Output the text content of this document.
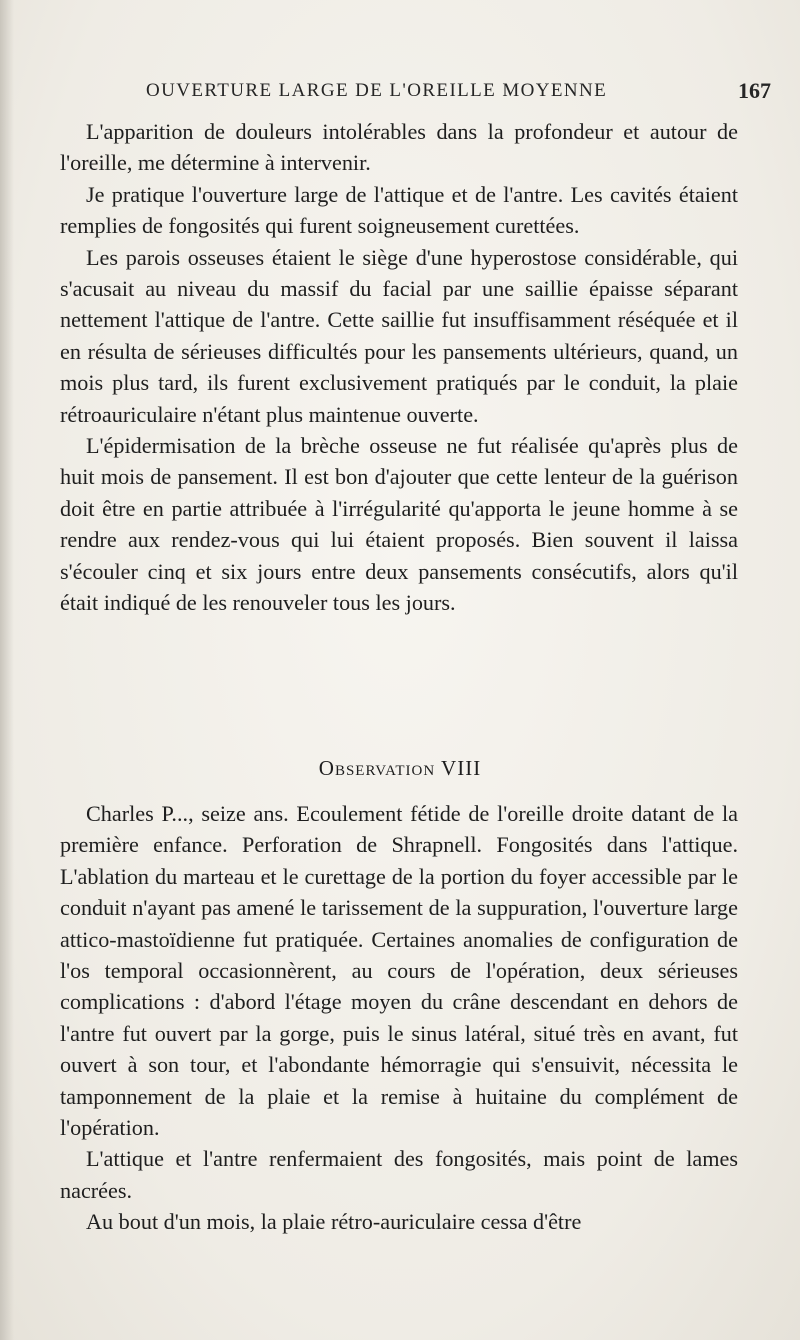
OUVERTURE LARGE DE L'OREILLE MOYENNE	167

L'apparition de douleurs intolérables dans la profondeur et autour de l'oreille, me détermine à intervenir.

Je pratique l'ouverture large de l'attique et de l'antre. Les cavités étaient remplies de fongosités qui furent soigneusement curettées.

Les parois osseuses étaient le siège d'une hyperostose considérable, qui s'acusait au niveau du massif du facial par une saillie épaisse séparant nettement l'attique de l'antre. Cette saillie fut insuffisamment réséquée et il en résulta de sérieuses difficultés pour les pansements ultérieurs, quand, un mois plus tard, ils furent exclusivement pratiqués par le conduit, la plaie rétroauriculaire n'étant plus maintenue ouverte.

L'épidermisation de la brèche osseuse ne fut réalisée qu'après plus de huit mois de pansement. Il est bon d'ajouter que cette lenteur de la guérison doit être en partie attribuée à l'irrégularité qu'apporta le jeune homme à se rendre aux rendez-vous qui lui étaient proposés. Bien souvent il laissa s'écouler cinq et six jours entre deux pansements consécutifs, alors qu'il était indiqué de les renouveler tous les jours.

Observation VIII

Charles P..., seize ans. Ecoulement fétide de l'oreille droite datant de la première enfance. Perforation de Shrapnell. Fongosités dans l'attique. L'ablation du marteau et le curettage de la portion du foyer accessible par le conduit n'ayant pas amené le tarissement de la suppuration, l'ouverture large attico-mastoïdienne fut pratiquée. Certaines anomalies de configuration de l'os temporal occasionnèrent, au cours de l'opération, deux sérieuses complications : d'abord l'étage moyen du crâne descendant en dehors de l'antre fut ouvert par la gorge, puis le sinus latéral, situé très en avant, fut ouvert à son tour, et l'abondante hémorragie qui s'ensuivit, nécessita le tamponnement de la plaie et la remise à huitaine du complément de l'opération.

L'attique et l'antre renfermaient des fongosités, mais point de lames nacrées.

Au bout d'un mois, la plaie rétro-auriculaire cessa d'être
